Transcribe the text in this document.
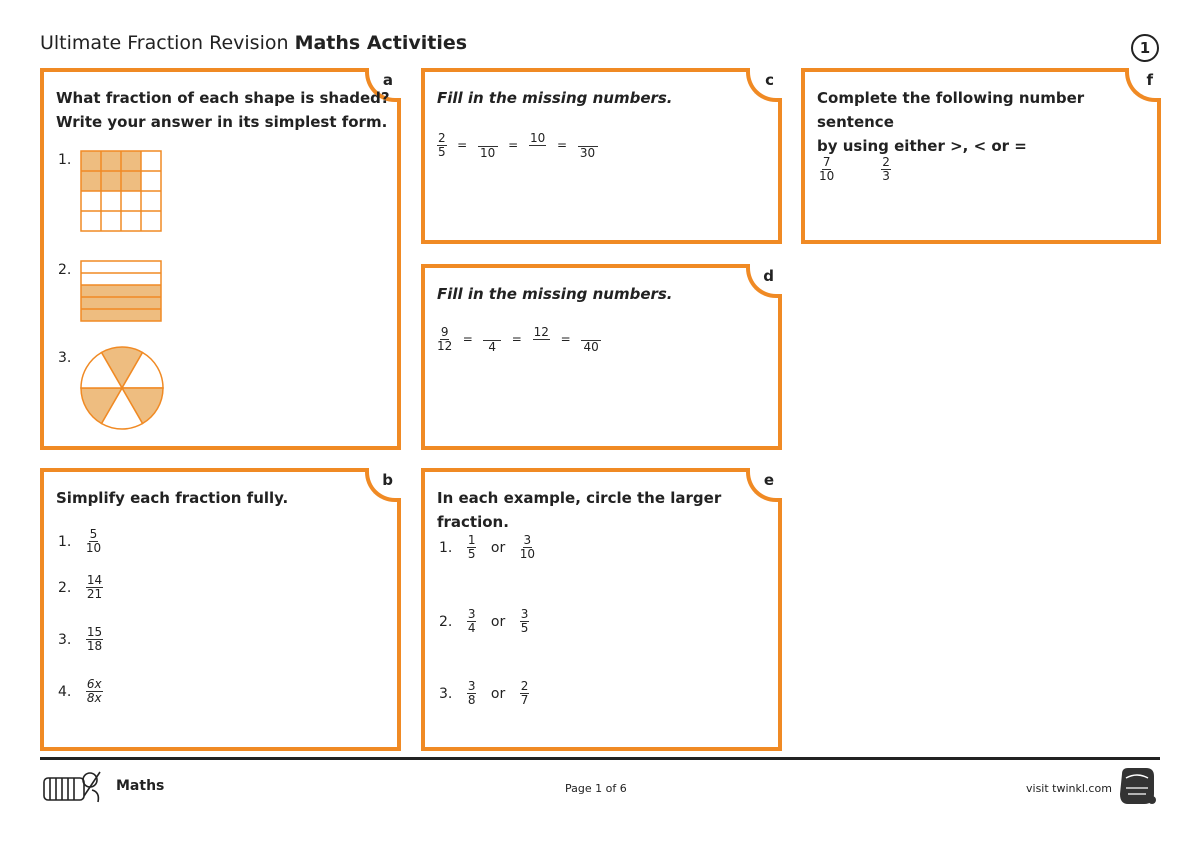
Ultimate Fraction Revision Maths Activities	1
a
What fraction of each shape is shaded?
Write your answer in its simplest form.
1.
2.
3.
b
Simplify each fraction fully.
1. $\frac{5}{10}$
2. $\frac{14}{21}$
3. $\frac{15}{18}$
4. $\frac{6x}{8x}$
c
Fill in the missing numbers.
$\frac{2}{5}$ =
10
=
10
=
30
d
Fill in the missing numbers.
$\frac{9}{12}$ =
4
=
12
=
40
e
In each example, circle the larger fraction.
1. $\frac{1}{5}$ or $\frac{3}{10}$
2. $\frac{3}{4}$ or $\frac{3}{5}$
3. $\frac{3}{8}$ or $\frac{2}{7}$
f
Complete the following number sentence
by using either >, < or =
$\frac{7}{10}$
	$\frac{2}{3}$
Maths	Page 1 of 6	visit twinkl.com
